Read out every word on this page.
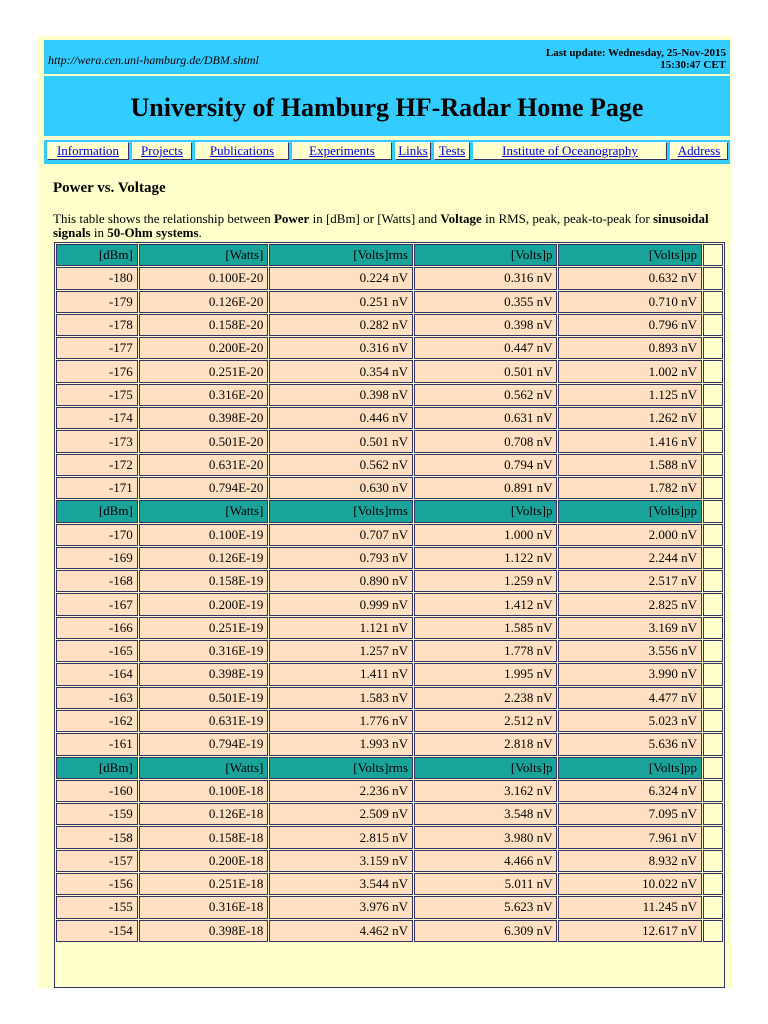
http://wera.cen.uni-hamburg.de/DBM.shtml	Last update: Wednesday, 25-Nov-2015
15:30:47 CET
University of Hamburg HF-Radar Home Page
Information	Projects	Publications	Experiments	Links Tests	Institute of Oceanography	Address
Power vs. Voltage
This table shows the relationship between Power in [dBm] or [Watts] and Voltage in RMS, peak, peak-to-peak for sinusoidal signals in 50-Ohm systems.
[dBm]	[Watts]	[Volts]rms	[Volts]p	[Volts]pp	
-180	0.100E-20	0.224 nV	0.316 nV	0.632 nV	
-179	0.126E-20	0.251 nV	0.355 nV	0.710 nV	
-178	0.158E-20	0.282 nV	0.398 nV	0.796 nV	
-177	0.200E-20	0.316 nV	0.447 nV	0.893 nV	
-176	0.251E-20	0.354 nV	0.501 nV	1.002 nV	
-175	0.316E-20	0.398 nV	0.562 nV	1.125 nV	
-174	0.398E-20	0.446 nV	0.631 nV	1.262 nV	
-173	0.501E-20	0.501 nV	0.708 nV	1.416 nV	
-172	0.631E-20	0.562 nV	0.794 nV	1.588 nV	
-171	0.794E-20	0.630 nV	0.891 nV	1.782 nV	
[dBm]	[Watts]	[Volts]rms	[Volts]p	[Volts]pp	
-170	0.100E-19	0.707 nV	1.000 nV	2.000 nV	
-169	0.126E-19	0.793 nV	1.122 nV	2.244 nV	
-168	0.158E-19	0.890 nV	1.259 nV	2.517 nV	
-167	0.200E-19	0.999 nV	1.412 nV	2.825 nV	
-166	0.251E-19	1.121 nV	1.585 nV	3.169 nV	
-165	0.316E-19	1.257 nV	1.778 nV	3.556 nV	
-164	0.398E-19	1.411 nV	1.995 nV	3.990 nV	
-163	0.501E-19	1.583 nV	2.238 nV	4.477 nV	
-162	0.631E-19	1.776 nV	2.512 nV	5.023 nV	
-161	0.794E-19	1.993 nV	2.818 nV	5.636 nV	
[dBm]	[Watts]	[Volts]rms	[Volts]p	[Volts]pp	
-160	0.100E-18	2.236 nV	3.162 nV	6.324 nV	
-159	0.126E-18	2.509 nV	3.548 nV	7.095 nV	
-158	0.158E-18	2.815 nV	3.980 nV	7.961 nV	
-157	0.200E-18	3.159 nV	4.466 nV	8.932 nV	
-156	0.251E-18	3.544 nV	5.011 nV	10.022 nV	
-155	0.316E-18	3.976 nV	5.623 nV	11.245 nV	
-154	0.398E-18	4.462 nV	6.309 nV	12.617 nV	
